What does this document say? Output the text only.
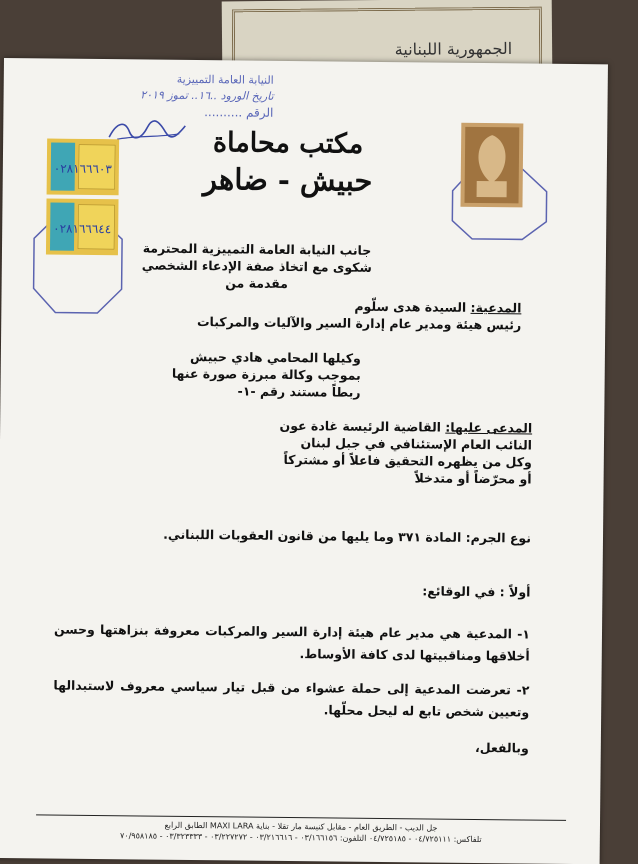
الجمهورية اللبنانية
النيابة العامة التمييزية
تاريخ الورود ..١٦.. تموز ٢٠١٩
الرقم ..........
مكتب محاماة
حبيش - ضاهر
٠٢٨١٦٦٦٠٣
٠٢٨١٦٦٦٤٤
جانب النيابة العامة التمييزية المحترمة
شكوى مع اتخاذ صفة الإدعاء الشخصي
مقدمة من
المدعية: السيدة هدى سلّوم
رئيس هيئة ومدير عام إدارة السير والآليات والمركبات
وكيلها المحامي هادي حبيش
بموجب وكالة مبرزة صورة عنها
ربطاً مستند رقم -١-
المدعى عليها: القاضية الرئيسة غادة عون
النائب العام الإستئنافي في جبل لبنان
وكل من يظهره التحقيق فاعلاً أو مشتركاً
أو محرّضاً أو متدخلاً
نوع الجرم: المادة ٣٧١ وما يليها من قانون العقوبات اللبناني.
أولاً : في الوقائع:
١- المدعية هي مدير عام هيئة إدارة السير والمركبات معروفة بنزاهتها وحسن أخلاقها ومناقبيتها لدى كافة الأوساط.
٢- تعرضت المدعية إلى حملة عشواء من قبل تيار سياسي معروف لاستبدالها وتعيين شخص تابع له ليحل محلّها.
وبالفعل،
جل الديب - الطريق العام - مقابل كنيسة مار تقلا - بناية MAXI LARA الطابق الرابع
تلفاكس: ٠٤/٧٢٥١١١ - ٠٤/٧٢٥١٨٥ التلفون: ٠٣/١٦٦١٥٦ - ٠٣/٢١٦٦١٦ - ٠٣/٢٢٧٢٧٢ - ٠٣/٣٢٣٣٣٣ - ٧٠/٩٥٨١٨٥
